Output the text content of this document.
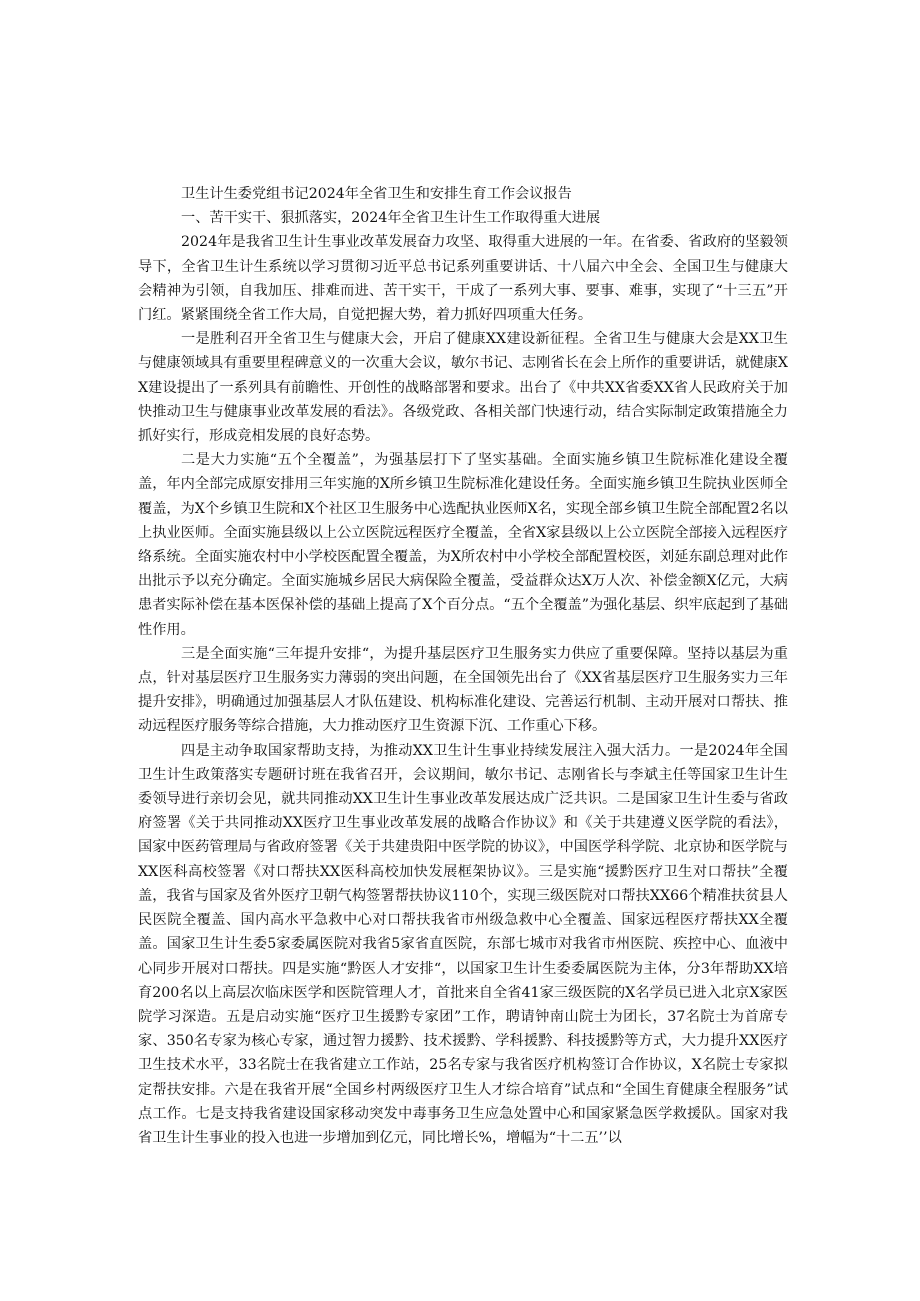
卫生计生委党组书记2024年全省卫生和安排生育工作会议报告

一、苦干实干、狠抓落实，2024年全省卫生计生工作取得重大进展

2024年是我省卫生计生事业改革发展奋力攻坚、取得重大进展的一年。在省委、省政府的坚毅领导下，全省卫生计生系统以学习贯彻习近平总书记系列重要讲话、十八届六中全会、全国卫生与健康大会精神为引领，自我加压、排难而进、苦干实干，干成了一系列大事、要事、难事，实现了“十三五”开门红。紧紧围绕全省工作大局，自觉把握大势，着力抓好四项重大任务。

一是胜利召开全省卫生与健康大会，开启了健康XX建设新征程。全省卫生与健康大会是XX卫生与健康领域具有重要里程碑意义的一次重大会议，敏尔书记、志刚省长在会上所作的重要讲话，就健康XX建设提出了一系列具有前瞻性、开创性的战略部署和要求。出台了《中共XX省委XX省人民政府关于加快推动卫生与健康事业改革发展的看法》。各级党政、各相关部门快速行动，结合实际制定政策措施全力抓好实行，形成竞相发展的良好态势。

二是大力实施“五个全覆盖”，为强基层打下了坚实基础。全面实施乡镇卫生院标准化建设全覆盖，年内全部完成原安排用三年实施的X所乡镇卫生院标准化建设任务。全面实施乡镇卫生院执业医师全覆盖，为X个乡镇卫生院和X个社区卫生服务中心选配执业医师X名，实现全部乡镇卫生院全部配置2名以上执业医师。全面实施县级以上公立医院远程医疗全覆盖，全省X家县级以上公立医院全部接入远程医疗络系统。全面实施农村中小学校医配置全覆盖，为X所农村中小学校全部配置校医，刘延东副总理对此作出批示予以充分确定。全面实施城乡居民大病保险全覆盖，受益群众达X万人次、补偿金额X亿元，大病患者实际补偿在基本医保补偿的基础上提高了X个百分点。“五个全覆盖”为强化基层、织牢底起到了基础性作用。

三是全面实施“三年提升安排“，为提升基层医疗卫生服务实力供应了重要保障。坚持以基层为重点，针对基层医疗卫生服务实力薄弱的突出问题，在全国领先出台了《XX省基层医疗卫生服务实力三年提升安排》，明确通过加强基层人才队伍建设、机构标准化建设、完善运行机制、主动开展对口帮扶、推动远程医疗服务等综合措施，大力推动医疗卫生资源下沉、工作重心下移。

四是主动争取国家帮助支持，为推动XX卫生计生事业持续发展注入强大活力。一是2024年全国卫生计生政策落实专题研讨班在我省召开，会议期间，敏尔书记、志刚省长与李斌主任等国家卫生计生委领导进行亲切会见，就共同推动XX卫生计生事业改革发展达成广泛共识。二是国家卫生计生委与省政府签署《关于共同推动XX医疗卫生事业改革发展的战略合作协议》和《关于共建遵义医学院的看法》，国家中医药管理局与省政府签署《关于共建贵阳中医学院的协议》，中国医学科学院、北京协和医学院与XX医科高校签署《对口帮扶XX医科高校加快发展框架协议》。三是实施“援黔医疗卫生对口帮扶”全覆盖，我省与国家及省外医疗卫朝气构签署帮扶协议110个，实现三级医院对口帮扶XX66个精准扶贫县人民医院全覆盖、国内高水平急救中心对口帮扶我省市州级急救中心全覆盖、国家远程医疗帮扶XX全覆盖。国家卫生计生委5家委属医院对我省5家省直医院，东部七城市对我省市州医院、疾控中心、血液中心同步开展对口帮扶。四是实施“黔医人才安排“，以国家卫生计生委委属医院为主体，分3年帮助XX培育200名以上高层次临床医学和医院管理人才，首批来自全省41家三级医院的X名学员已进入北京X家医院学习深造。五是启动实施“医疗卫生援黔专家团”工作，聘请钟南山院士为团长，37名院士为首席专家、350名专家为核心专家，通过智力援黔、技术援黔、学科援黔、科技援黔等方式，大力提升XX医疗卫生技术水平，33名院士在我省建立工作站，25名专家与我省医疗机构签订合作协议，X名院士专家拟定帮扶安排。六是在我省开展“全国乡村两级医疗卫生人才综合培育”试点和“全国生育健康全程服务”试点工作。七是支持我省建设国家移动突发中毒事务卫生应急处置中心和国家紧急医学救援队。国家对我省卫生计生事业的投入也进一步增加到亿元，同比增长%，增幅为“十二五’’以
